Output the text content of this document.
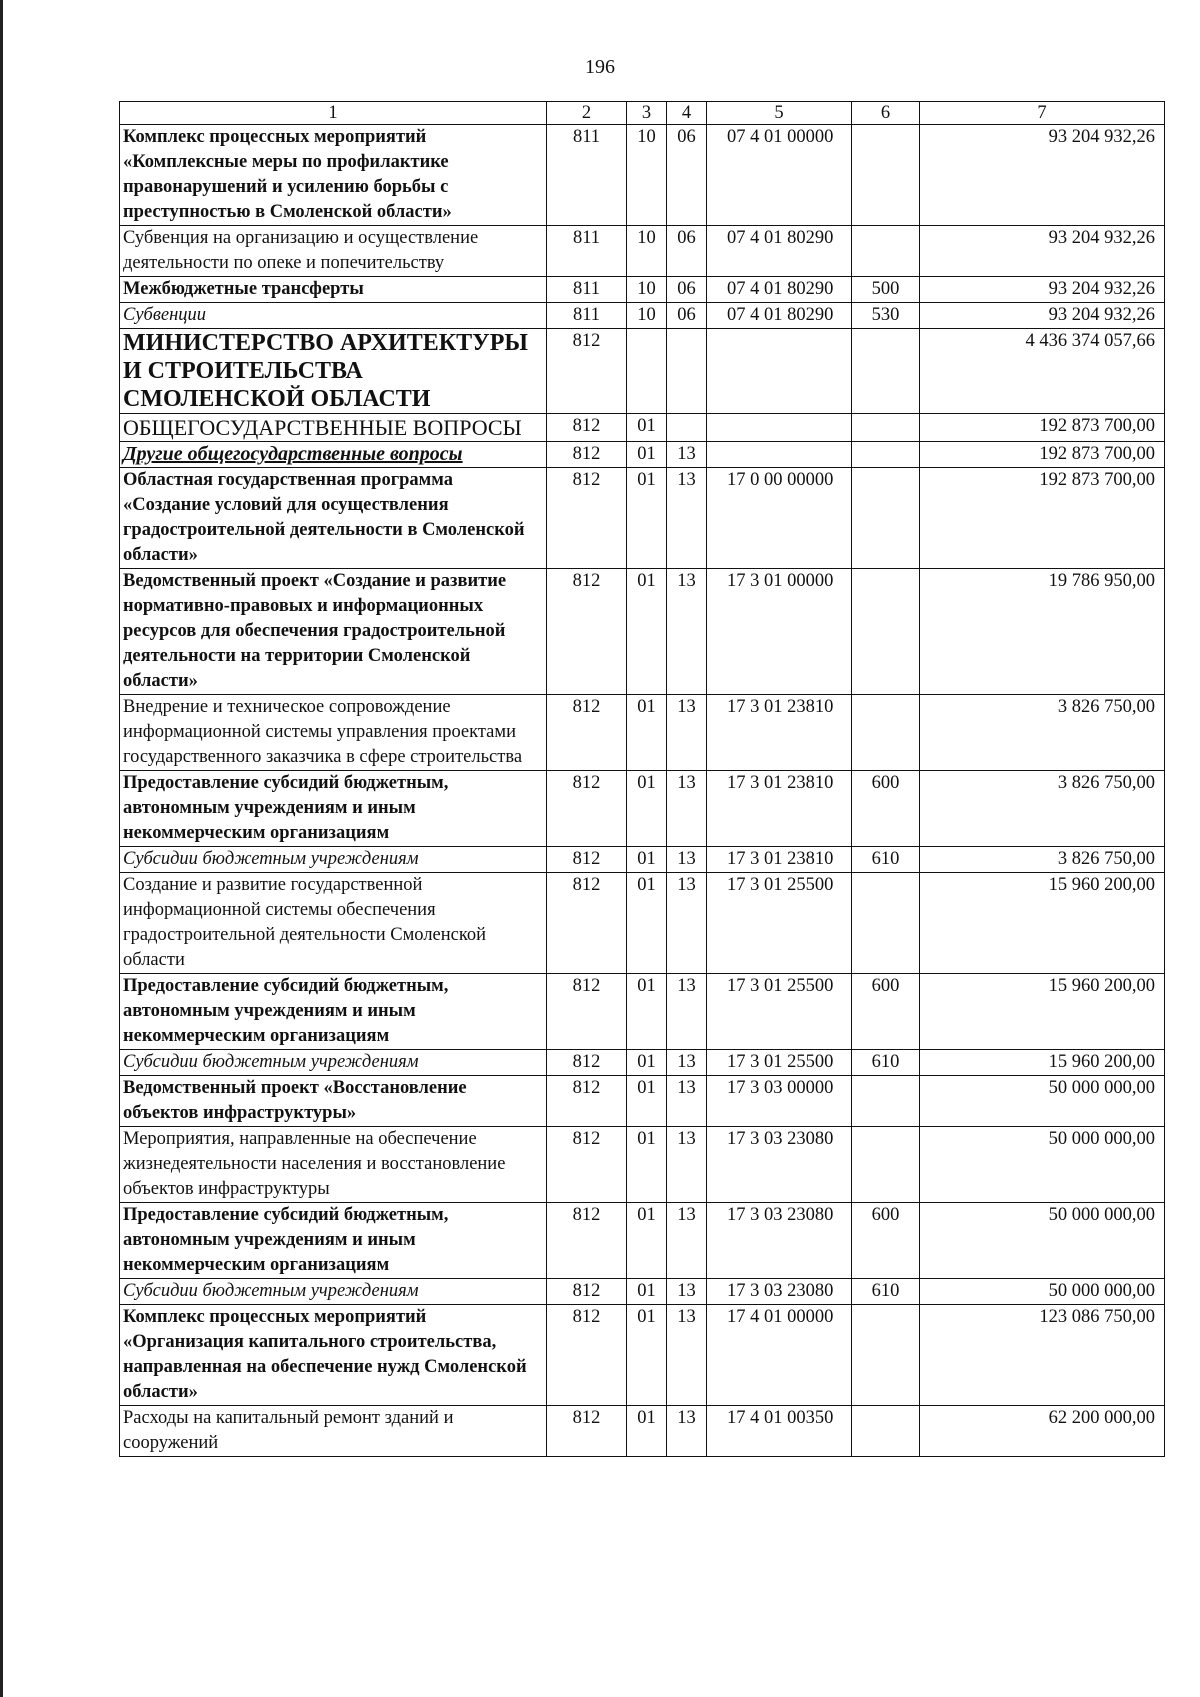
196
1	2	3	4	5	6	7
Комплекс процессных мероприятий «Комплексные меры по профилактике правонарушений и усилению борьбы с преступностью в Смоленской области»	811	10	06	07 4 01 00000		93 204 932,26
Субвенция на организацию и осуществление деятельности по опеке и попечительству	811	10	06	07 4 01 80290		93 204 932,26
Межбюджетные трансферты	811	10	06	07 4 01 80290	500	93 204 932,26
Субвенции	811	10	06	07 4 01 80290	530	93 204 932,26
МИНИСТЕРСТВО АРХИТЕКТУРЫ И СТРОИТЕЛЬСТВА СМОЛЕНСКОЙ ОБЛАСТИ	812					4 436 374 057,66
ОБЩЕГОСУДАРСТВЕННЫЕ ВОПРОСЫ	812	01				192 873 700,00
Другие общегосударственные вопросы	812	01	13			192 873 700,00
Областная государственная программа «Создание условий для осуществления градостроительной деятельности в Смоленской области»	812	01	13	17 0 00 00000		192 873 700,00
Ведомственный проект «Создание и развитие нормативно-правовых и информационных ресурсов для обеспечения градостроительной деятельности на территории Смоленской области»	812	01	13	17 3 01 00000		19 786 950,00
Внедрение и техническое сопровождение информационной системы управления проектами государственного заказчика в сфере строительства	812	01	13	17 3 01 23810		3 826 750,00
Предоставление субсидий бюджетным, автономным учреждениям и иным некоммерческим организациям	812	01	13	17 3 01 23810	600	3 826 750,00
Субсидии бюджетным учреждениям	812	01	13	17 3 01 23810	610	3 826 750,00
Создание и развитие государственной информационной системы обеспечения градостроительной деятельности Смоленской области	812	01	13	17 3 01 25500		15 960 200,00
Предоставление субсидий бюджетным, автономным учреждениям и иным некоммерческим организациям	812	01	13	17 3 01 25500	600	15 960 200,00
Субсидии бюджетным учреждениям	812	01	13	17 3 01 25500	610	15 960 200,00
Ведомственный проект «Восстановление объектов инфраструктуры»	812	01	13	17 3 03 00000		50 000 000,00
Мероприятия, направленные на обеспечение жизнедеятельности населения и восстановление объектов инфраструктуры	812	01	13	17 3 03 23080		50 000 000,00
Предоставление субсидий бюджетным, автономным учреждениям и иным некоммерческим организациям	812	01	13	17 3 03 23080	600	50 000 000,00
Субсидии бюджетным учреждениям	812	01	13	17 3 03 23080	610	50 000 000,00
Комплекс процессных мероприятий «Организация капитального строительства, направленная на обеспечение нужд Смоленской области»	812	01	13	17 4 01 00000		123 086 750,00
Расходы на капитальный ремонт зданий и сооружений	812	01	13	17 4 01 00350		62 200 000,00
